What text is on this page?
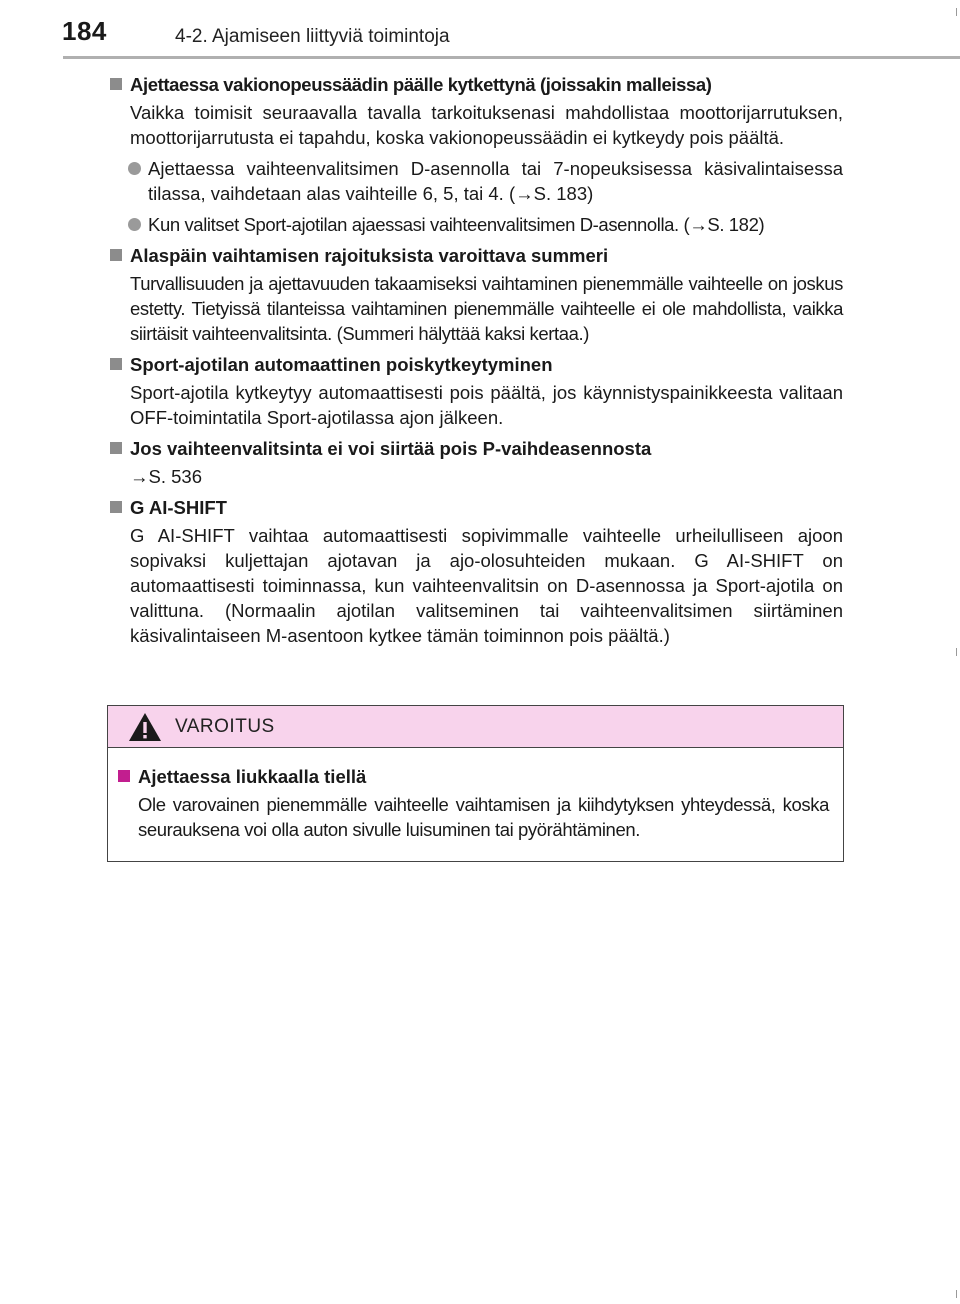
184	4-2. Ajamiseen liittyviä toimintoja
Ajettaessa vakionopeussäädin päälle kytkettynä (joissakin malleissa)
Vaikka toimisit seuraavalla tavalla tarkoituksenasi mahdollistaa moottorijarrutuksen, moottorijarrutusta ei tapahdu, koska vakionopeussäädin ei kytkeydy pois päältä.
Ajettaessa vaihteenvalitsimen D-asennolla tai 7-nopeuksisessa käsivalintaisessa tilassa, vaihdetaan alas vaihteille 6, 5, tai 4. (→S. 183)
Kun valitset Sport-ajotilan ajaessasi vaihteenvalitsimen D-asennolla. (→S. 182)
Alaspäin vaihtamisen rajoituksista varoittava summeri
Turvallisuuden ja ajettavuuden takaamiseksi vaihtaminen pienemmälle vaihteelle on joskus estetty. Tietyissä tilanteissa vaihtaminen pienemmälle vaihteelle ei ole mahdollista, vaikka siirtäisit vaihteenvalitsinta. (Summeri hälyttää kaksi kertaa.)
Sport-ajotilan automaattinen poiskytkeytyminen
Sport-ajotila kytkeytyy automaattisesti pois päältä, jos käynnistyspainikkeesta valitaan OFF-toimintatila Sport-ajotilassa ajon jälkeen.
Jos vaihteenvalitsinta ei voi siirtää pois P-vaihdeasennosta
→S. 536
G AI-SHIFT
G AI-SHIFT vaihtaa automaattisesti sopivimmalle vaihteelle urheilulliseen ajoon sopivaksi kuljettajan ajotavan ja ajo-olosuhteiden mukaan. G AI-SHIFT on automaattisesti toiminnassa, kun vaihteenvalitsin on D-asennossa ja Sport-ajotila on valittuna. (Normaalin ajotilan valitseminen tai vaihteenvalitsimen siirtäminen käsivalintaiseen M-asentoon kytkee tämän toiminnon pois päältä.)
VAROITUS
Ajettaessa liukkaalla tiellä
Ole varovainen pienemmälle vaihteelle vaihtamisen ja kiihdytyksen yhteydessä, koska seurauksena voi olla auton sivulle luisuminen tai pyörähtäminen.
